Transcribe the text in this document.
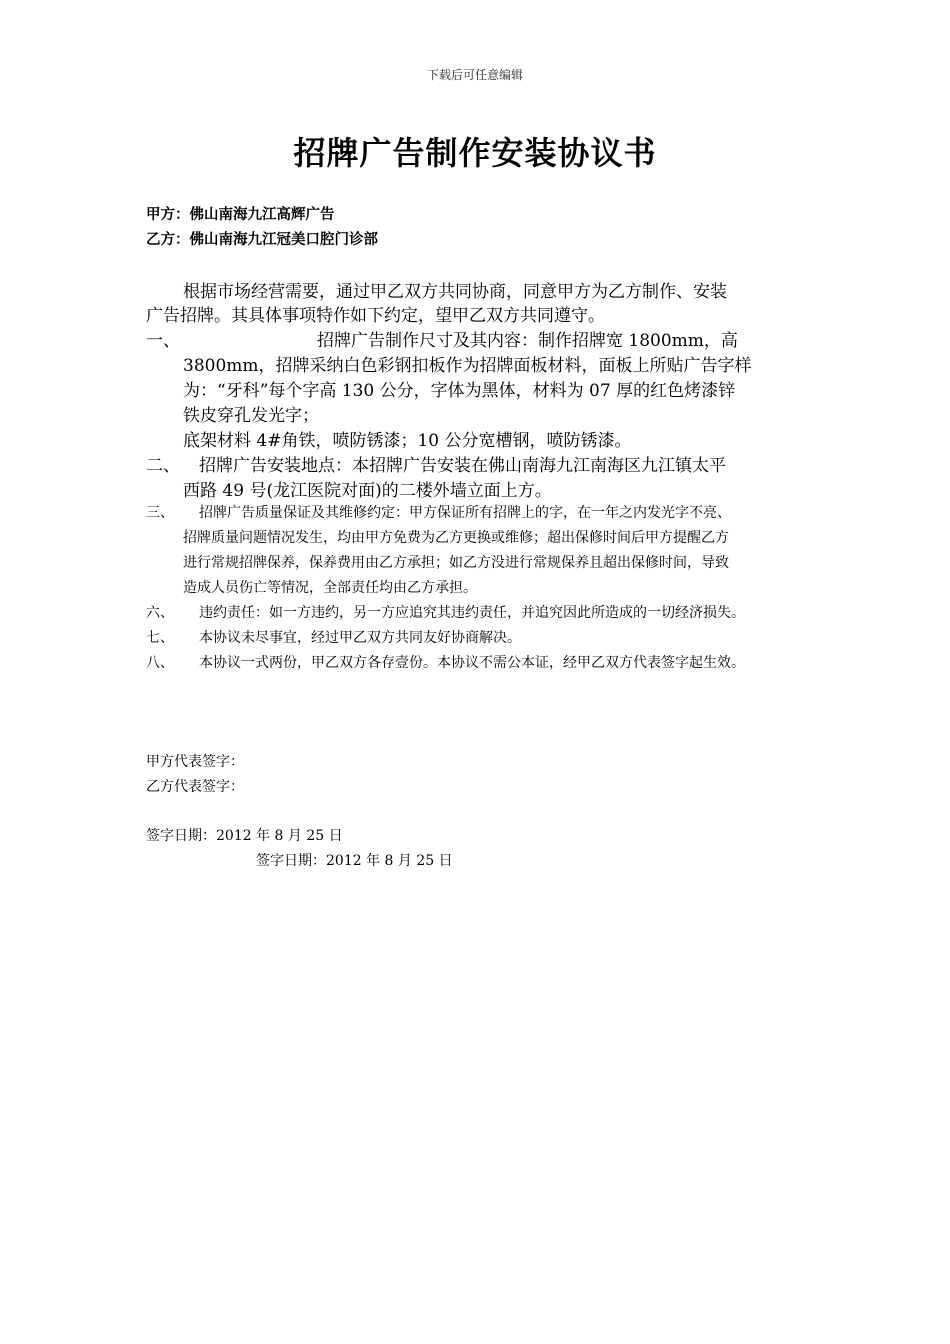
下载后可任意编辑
招牌广告制作安装协议书
甲方：佛山南海九江高辉广告
乙方：佛山南海九江冠美口腔门诊部
根据市场经营需要，通过甲乙双方共同协商，同意甲方为乙方制作、安装
广告招牌。其具体事项特作如下约定，望甲乙双方共同遵守。
一、	招牌广告制作尺寸及其内容：制作招牌宽 1800mm，高
3800mm，招牌采纳白色彩钢扣板作为招牌面板材料，面板上所贴广告字样
为：“牙科”每个字高 130 公分，字体为黑体，材料为 07 厚的红色烤漆锌
铁皮穿孔发光字；
底架材料 4#角铁，喷防锈漆；10 公分宽槽钢，喷防锈漆。
二、 招牌广告安装地点：本招牌广告安装在佛山南海九江南海区九江镇太平
西路 49 号(龙江医院对面)的二楼外墙立面上方。
三、 招牌广告质量保证及其维修约定：甲方保证所有招牌上的字，在一年之内发光字不亮、
招牌质量问题情况发生，均由甲方免费为乙方更换或维修；超出保修时间后甲方提醒乙方
进行常规招牌保养，保养费用由乙方承担；如乙方没进行常规保养且超出保修时间，导致
造成人员伤亡等情况，全部责任均由乙方承担。
六、 违约责任：如一方违约，另一方应追究其违约责任，并追究因此所造成的一切经济损失。
七、 本协议未尽事宜，经过甲乙双方共同友好协商解决。
八、 本协议一式两份，甲乙双方各存壹份。本协议不需公本证，经甲乙双方代表签字起生效。
甲方代表签字：
乙方代表签字：
签字日期：2012 年 8 月 25 日
签字日期：2012 年 8 月 25 日
